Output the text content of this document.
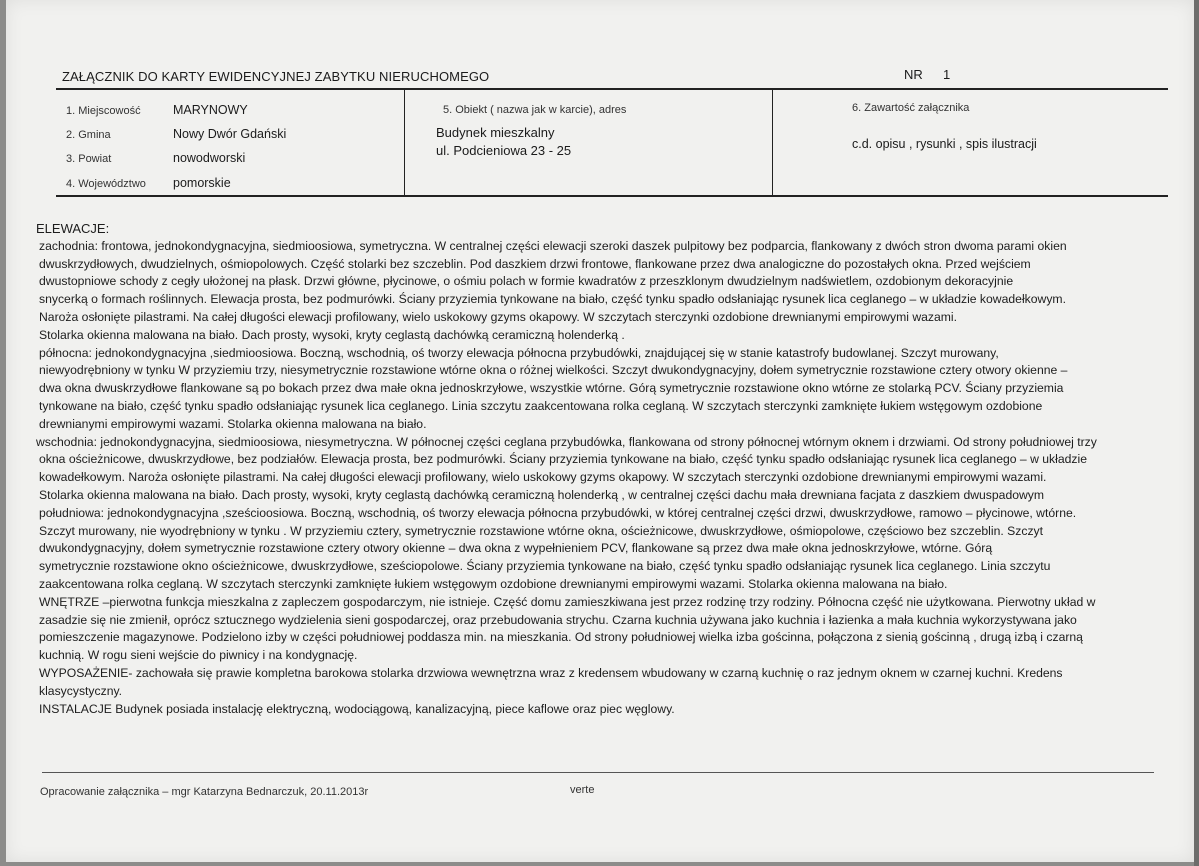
ZAŁĄCZNIK DO KARTY EWIDENCYJNEJ ZABYTKU NIERUCHOMEGO	NR 1
1. Miejscowość	MARYNOWY
2. Gmina	Nowy Dwór Gdański
3. Powiat	nowodworski
4. Województwo pomorskie
5. Obiekt ( nazwa jak w karcie), adres
Budynek mieszkalny
ul. Podcieniowa 23 - 25
6. Zawartość załącznika
c.d. opisu , rysunki , spis ilustracji

ELEWACJE:

zachodnia: frontowa, jednokondygnacyjna, siedmioosiowa, symetryczna. W centralnej części elewacji szeroki daszek pulpitowy bez podparcia, flankowany z dwóch stron dwoma parami okien

dwuskrzydłowych, dwudzielnych, ośmiopolowych. Część stolarki bez szczeblin. Pod daszkiem drzwi frontowe, flankowane przez dwa analogiczne do pozostałych okna. Przed wejściem

dwustopniowe schody z cegły ułożonej na płask. Drzwi główne, płycinowe, o ośmiu polach w formie kwadratów z przeszklonym dwudzielnym nadświetlem, ozdobionym dekoracyjnie

snycerką o formach roślinnych. Elewacja prosta, bez podmurówki. Ściany przyziemia tynkowane na biało, część tynku spadło odsłaniając rysunek lica ceglanego – w układzie kowadełkowym.

Naroża osłonięte pilastrami. Na całej długości elewacji profilowany, wielo uskokowy gzyms okapowy. W szczytach sterczynki ozdobione drewnianymi empirowymi wazami.

Stolarka okienna malowana na biało. Dach prosty, wysoki, kryty ceglastą dachówką ceramiczną holenderką .

północna: jednokondygnacyjna ,siedmioosiowa. Boczną, wschodnią, oś tworzy elewacja północna przybudówki, znajdującej się w stanie katastrofy budowlanej. Szczyt murowany,

niewyodrębniony w tynku W przyziemiu trzy, niesymetrycznie rozstawione wtórne okna o różnej wielkości. Szczyt dwukondygnacyjny, dołem symetrycznie rozstawione cztery otwory okienne –

dwa okna dwuskrzydłowe flankowane są po bokach przez dwa małe okna jednoskrzyłowe, wszystkie wtórne. Górą symetrycznie rozstawione okno wtórne ze stolarką PCV. Ściany przyziemia

tynkowane na biało, część tynku spadło odsłaniając rysunek lica ceglanego. Linia szczytu zaakcentowana rolka ceglaną. W szczytach sterczynki zamknięte łukiem wstęgowym ozdobione

drewnianymi empirowymi wazami. Stolarka okienna malowana na biało.

wschodnia: jednokondygnacyjna, siedmioosiowa, niesymetryczna. W północnej części ceglana przybudówka, flankowana od strony północnej wtórnym oknem i drzwiami. Od strony południowej trzy

okna ościeżnicowe, dwuskrzydłowe, bez podziałów. Elewacja prosta, bez podmurówki. Ściany przyziemia tynkowane na biało, część tynku spadło odsłaniając rysunek lica ceglanego – w układzie

kowadełkowym. Naroża osłonięte pilastrami. Na całej długości elewacji profilowany, wielo uskokowy gzyms okapowy. W szczytach sterczynki ozdobione drewnianymi empirowymi wazami.

Stolarka okienna malowana na biało. Dach prosty, wysoki, kryty ceglastą dachówką ceramiczną holenderką , w centralnej części dachu mała drewniana facjata z daszkiem dwuspadowym

południowa: jednokondygnacyjna ,sześcioosiowa. Boczną, wschodnią, oś tworzy elewacja północna przybudówki, w której centralnej części drzwi, dwuskrzydłowe, ramowo – płycinowe, wtórne.

Szczyt murowany, nie wyodrębniony w tynku . W przyziemiu cztery, symetrycznie rozstawione wtórne okna, ościeżnicowe, dwuskrzydłowe, ośmiopolowe, częściowo bez szczeblin. Szczyt

dwukondygnacyjny, dołem symetrycznie rozstawione cztery otwory okienne – dwa okna z wypełnieniem PCV, flankowane są przez dwa małe okna jednoskrzyłowe, wtórne. Górą

symetrycznie rozstawione okno ościeżnicowe, dwuskrzydłowe, sześciopolowe. Ściany przyziemia tynkowane na biało, część tynku spadło odsłaniając rysunek lica ceglanego. Linia szczytu

zaakcentowana rolka ceglaną. W szczytach sterczynki zamknięte łukiem wstęgowym ozdobione drewnianymi empirowymi wazami. Stolarka okienna malowana na biało.

WNĘTRZE –pierwotna funkcja mieszkalna z zapleczem gospodarczym, nie istnieje. Część domu zamieszkiwana jest przez rodzinę trzy rodziny. Północna część nie użytkowana. Pierwotny układ w

zasadzie się nie zmienił, oprócz sztucznego wydzielenia sieni gospodarczej, oraz przebudowania strychu. Czarna kuchnia używana jako kuchnia i łazienka a mała kuchnia wykorzystywana jako

pomieszczenie magazynowe. Podzielono izby w części południowej poddasza min. na mieszkania. Od strony południowej wielka izba gościnna, połączona z sienią gościnną , drugą izbą i czarną

kuchnią. W rogu sieni wejście do piwnicy i na kondygnację.

WYPOSAŻENIE- zachowała się prawie kompletna barokowa stolarka drzwiowa wewnętrzna wraz z kredensem wbudowany w czarną kuchnię o raz jednym oknem w czarnej kuchni. Kredens

klasycystyczny.

INSTALACJE Budynek posiada instalację elektryczną, wodociągową, kanalizacyjną, piece kaflowe oraz piec węglowy.

Opracowanie załącznika – mgr Katarzyna Bednarczuk, 20.11.2013r	verte
